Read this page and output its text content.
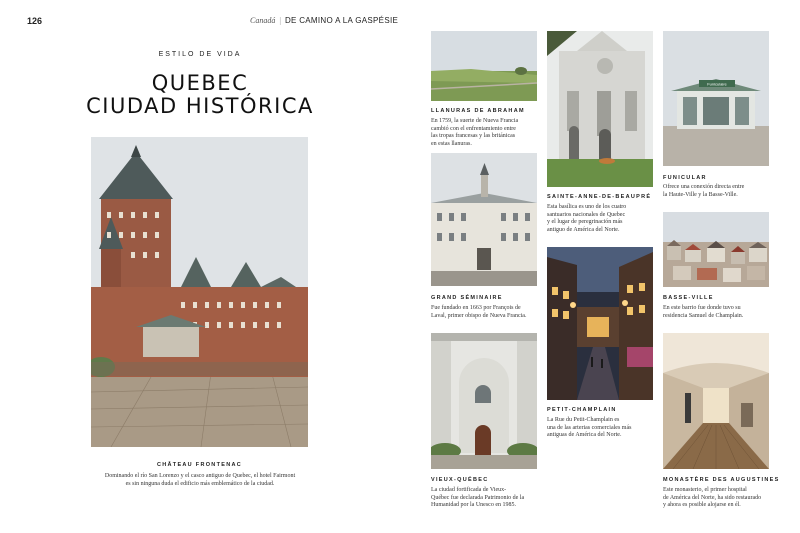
126	Canadá | DE CAMINO A LA GASPÉSIE
ESTILO DE VIDA
QUEBEC
CIUDAD HISTÓRICA
CHÂTEAU FRONTENAC
Dominando el río San Lorenzo y el casco antiguo de Quebec, el hotel Fairmont
es sin ninguna duda el edificio más emblemático de la ciudad.
LLANURAS DE ABRAHAM
En 1759, la suerte de Nueva Francia
cambió con el enfrentamiento entre
las tropas francesas y las británicas
en estas llanuras.
SAINTE-ANNE-DE-BEAUPRÉ
Esta basílica es uno de los cuatro
santuarios nacionales de Quebec
y el lugar de peregrinación más
antiguo de América del Norte.
Funiculaire
FUNICULAR
Ofrece una conexión directa entre
la Haute-Ville y la Basse-Ville.
GRAND SÉMINAIRE
Fue fundado en 1663 por François de
Laval, primer obispo de Nueva Francia.
BASSE-VILLE
En este barrio fue donde tuvo su
residencia Samuel de Champlain.
PETIT-CHAMPLAIN
La Rue du Petit-Champlain es
una de las arterias comerciales más
antiguas de América del Norte.
VIEUX-QUÉBEC
La ciudad fortificada de Vieux-
Québec fue declarada Patrimonio de la
Humanidad por la Unesco en 1985.
MONASTÈRE DES AUGUSTINES
Este monasterio, el primer hospital
de América del Norte, ha sido restaurado
y ahora es posible alojarse en él.
